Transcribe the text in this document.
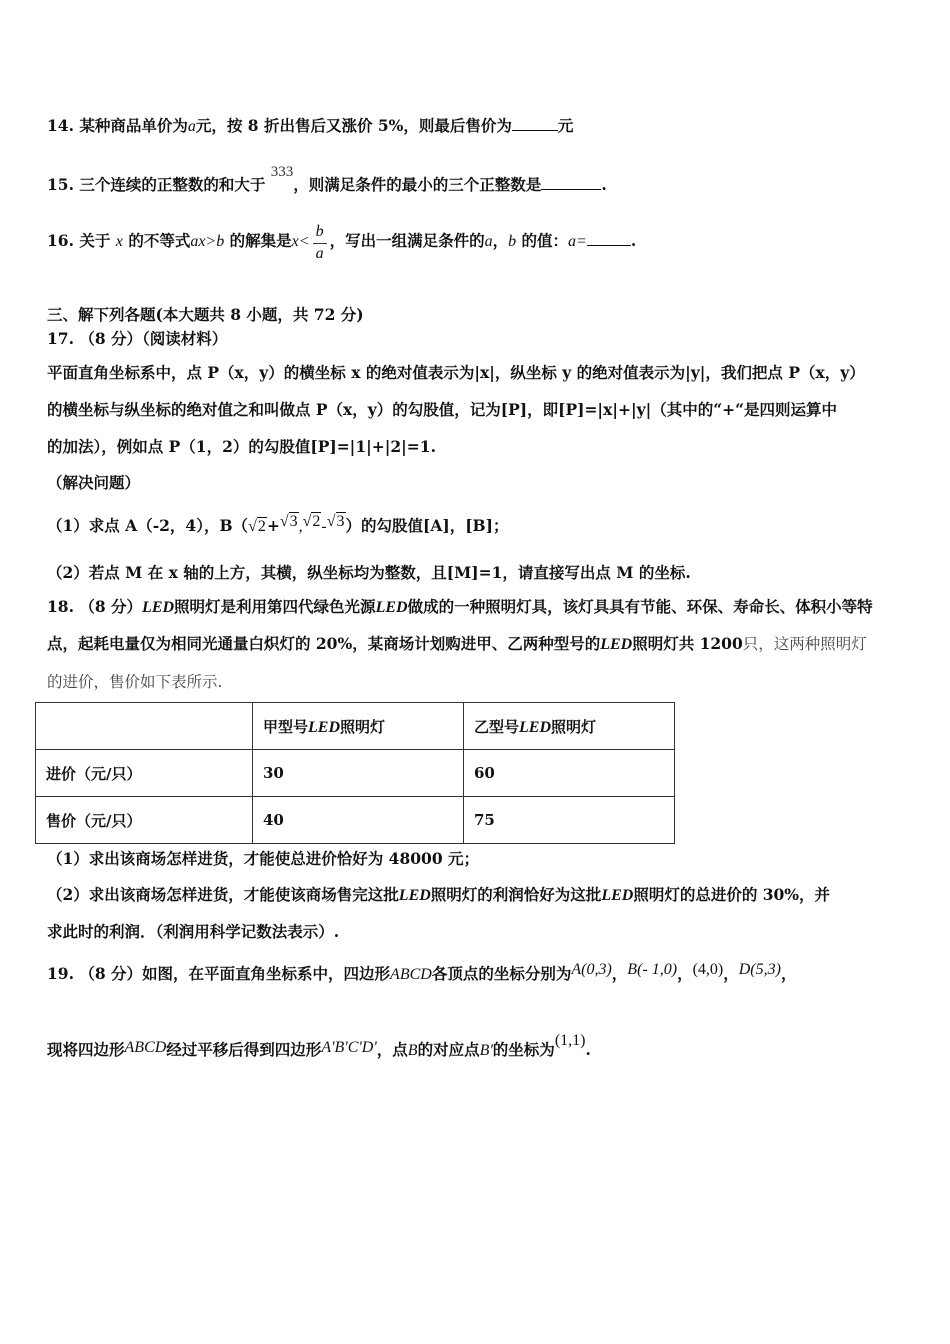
14. 某种商品单价为a元，按 8 折出售后又涨价 5%，则最后售价为	元
15. 三个连续的正整数的和大于 333，则满足条件的最小的三个正整数是	.
16. 关于 x 的不等式ax>b 的解集是$x< \frac{b}{a}$ ，写出一组满足条件的a，b 的值：a=	.
三、解下列各题(本大题共 8 小题，共 72 分)
17. （8 分）（阅读材料）
平面直角坐标系中，点 P（x，y）的横坐标 x 的绝对值表示为|x|，纵坐标 y 的绝对值表示为|y|，我们把点 P（x，y）
的横坐标与纵坐标的绝对值之和叫做点 P（x，y）的勾股值，记为[P]，即[P]=|x|+|y|（其中的“+“是四则运算中
的加法），例如点 P（1，2）的勾股值[P]=|1|+|2|=1.
（解决问题）
（1）求点 A（-2，4），B（√2+√3,√2-√3）的勾股值[A]，[B]；
（2）若点 M 在 x 轴的上方，其横，纵坐标均为整数，且[M]=1，请直接写出点 M 的坐标.
18. （8 分）LED照明灯是利用第四代绿色光源LED做成的一种照明灯具，该灯具具有节能、环保、寿命长、体积小等特
点，起耗电量仅为相同光通量白炽灯的 20%，某商场计划购进甲、乙两种型号的LED照明灯共 1200只，这两种照明灯
的进价，售价如下表所示.
	甲型号LED照明灯	乙型号LED照明灯
进价（元/只）	30	60
售价（元/只）	40	75
（1）求出该商场怎样进货，才能使总进价恰好为 48000 元；
（2）求出该商场怎样进货，才能使该商场售完这批LED照明灯的利润恰好为这批LED照明灯的总进价的 30%，并
求此时的利润．（利润用科学记数法表示）.
19. （8 分）如图，在平面直角坐标系中，四边形ABCD各顶点的坐标分别为A(0,3)，B(- 1,0)，(4,0)，D(5,3)，
现将四边形ABCD经过平移后得到四边形A'B'C'D'，点B的对应点B'的坐标为(1,1).
